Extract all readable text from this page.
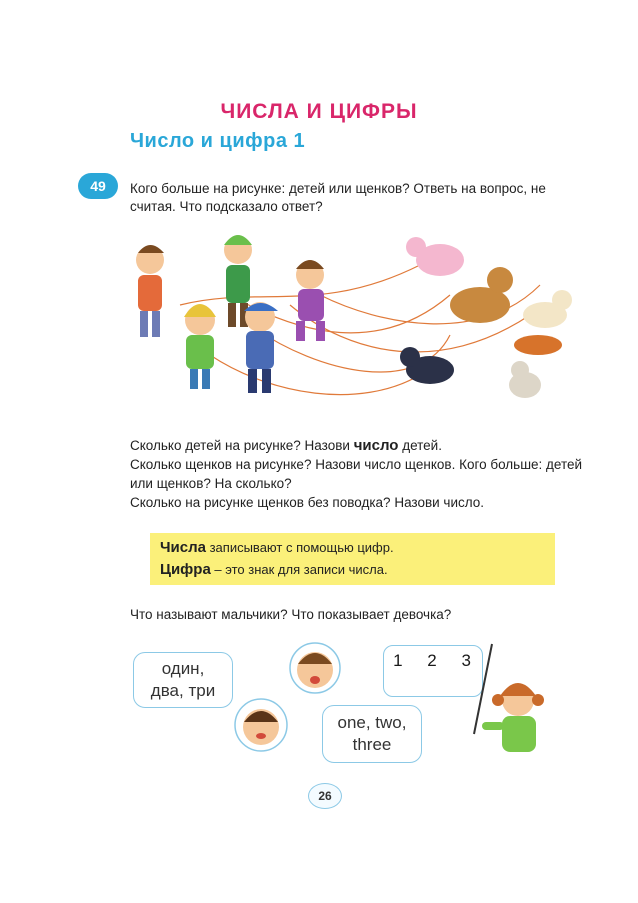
ЧИСЛА И ЦИФРЫ
Число и цифра 1
49	Кого больше на рисунке: детей или щенков? Ответь на вопрос, не считая. Что подсказало ответ?

Сколько детей на рисунке? Назови число детей.

Сколько щенков на рисунке? Назови число щенков. Кого больше: детей или щенков? На сколько?

Сколько на рисунке щенков без поводка? Назови число.

Числа записывают с помощью цифр.

Цифра – это знак для записи числа.

Что называют мальчики? Что показывает девочка?
один,
два, три
one, two,
three
1 2 3
26
